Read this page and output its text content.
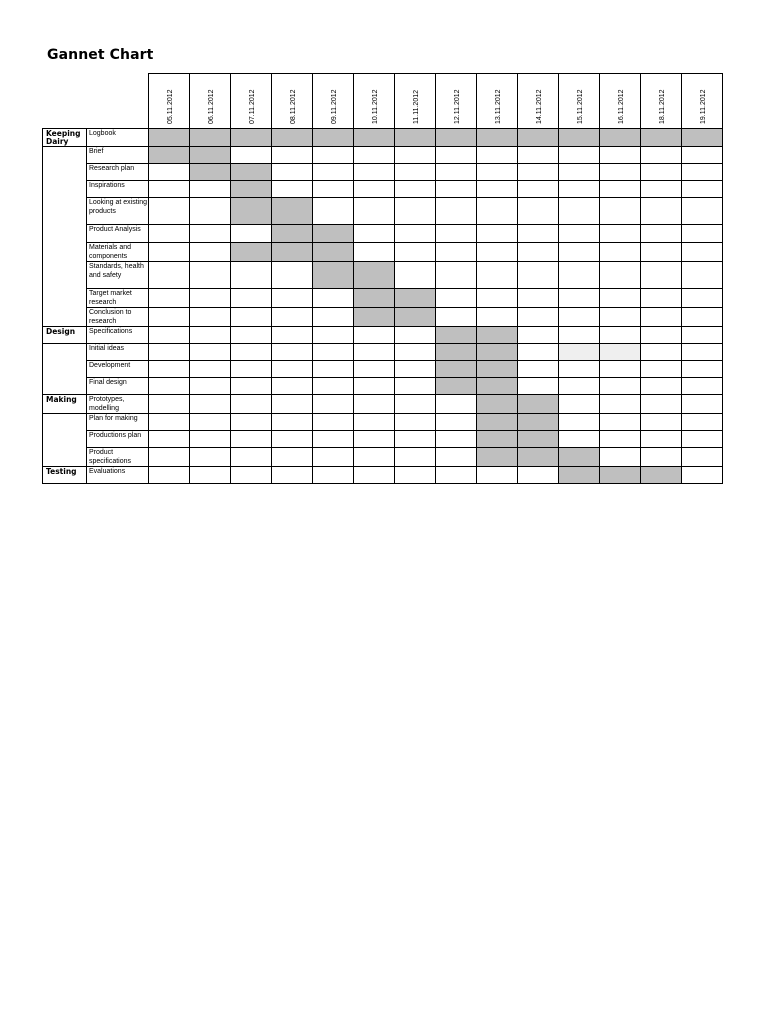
Gannet Chart

		05.11.2012	06.11.2012	07.11.2012	08.11.2012	09.11.2012	10.11.2012	11.11.2012	12.11.2012	13.11.2012	14.11.2012	15.11.2012	16.11.2012	18.11.2012	19.11.2012

Keeping Dairy	Logbook														
	Brief														
	Research plan														
	Inspirations														
	Looking at existing products														
	Product Analysis														
	Materials and components														
	Standards, health and safety														
	Target market research														
	Conclusion to research														
Design	Specifications														
	Initial ideas														
	Development														
	Final design														
Making	Prototypes, modelling														
	Plan for making														
	Productions plan														
	Product specifications														
Testing	Evaluations														
